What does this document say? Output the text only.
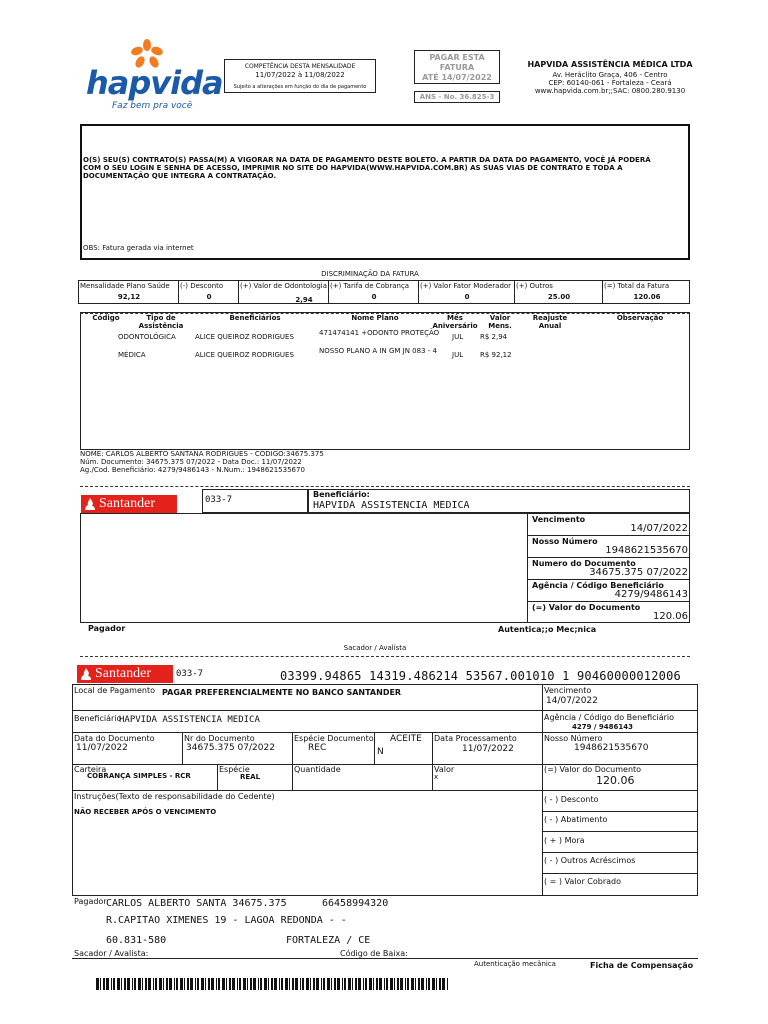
hapvida
Faz bem pra você
COMPETÊNCIA DESTA MENSALIDADE
11/07/2022 à 11/08/2022
Sujeito a alterações em função do dia de pagamento
PAGAR ESTA
FATURA
ATÉ 14/07/2022
ANS - No. 36.825-3
HAPVIDA ASSISTÊNCIA MÉDICA LTDA
Av. Heráclito Graça, 406 - Centro
CEP: 60140-061 - Fortaleza - Ceará
www.hapvida.com.br;;SAC: 0800.280.9130
O(S) SEU(S) CONTRATO(S) PASSA(M) A VIGORAR NA DATA DE PAGAMENTO DESTE BOLETO. A PARTIR DA DATA DO PAGAMENTO, VOCÊ JÁ PODERÁ COM O SEU LOGIN E SENHA DE ACESSO, IMPRIMIR NO SITE DO HAPVIDA(WWW.HAPVIDA.COM.BR) AS SUAS VIAS DE CONTRATO E TODA A DOCUMENTAÇÃO QUE INTEGRA A CONTRATAÇÃO.
OBS: Fatura gerada via internet
DISCRIMINAÇÃO DA FATURA
Mensalidade Plano Saúde
92,12
(-) Desconto
0
(+) Valor de Odontologia
2,94
(+) Tarifa de Cobrança
0
(+) Valor Fator Moderador
0
(+) Outros
25.00
(=) Total da Fatura
120.06
Código	Tipo de Assistência
Beneficiários	Nome Plano	Mês Aniversário
Valor Mens.
Reajuste Anual
Observação
ODONTOLÓGICA	ALICE QUEIROZ RODRIGUES	471474141 +ODONTO PROTEÇÃO	JUL R$ 2,94
MÉDICA	ALICE QUEIROZ RODRIGUES	NOSSO PLANO A IN GM JN 083 - 4	JUL R$ 92,12
NOME: CARLOS ALBERTO SANTANA RODRIGUES - CODIGO:34675.375
Núm. Documento: 34675.375 07/2022 - Data Doc.: 11/07/2022
Ag./Cod. Beneficiário: 4279/9486143 - N.Num.: 1948621535670
Santander	033-7
Beneficiário:
HAPVIDA ASSISTENCIA MEDICA
Vencimento
14/07/2022
Nosso Número
1948621535670
Numero do Documento
34675.375 07/2022
Agência / Código Beneficiário
4279/9486143
(=) Valor do Documento
120.06
Pagador	Autentica;;o Mec;nica
Sacador / Avalista
Santander	033-7	03399.94865 14319.486214 53567.001010 1 90460000012006
Local de Pagamento PAGAR PREFERENCIALMENTE NO BANCO SANTANDER	Vencimento
14/07/2022
Beneficiário
HAPVIDA ASSISTENCIA MEDICA	Agência / Código do Beneficiário
4279 / 9486143
Data do Documento
11/07/2022
Nr do Documento
34675.375 07/2022
Espécie Documento
REC
ACEITE
N
Data Processamento
11/07/2022
Nosso Número
1948621535670
Carteira
COBRANÇA SIMPLES - RCR
Espécie
REAL
Quantidade	Valor
x
(=) Valor do Documento
120.06
Instruções(Texto de responsabilidade do Cedente)
NÃO RECEBER APÓS O VENCIMENTO
( - ) Desconto
( - ) Abatimento
( + ) Mora
( - ) Outros Acréscimos
( = ) Valor Cobrado
Pagador CARLOS ALBERTO SANTA 34675.375	66458994320
R.CAPITAO XIMENES 19 - LAGOA REDONDA - -
60.831-580	FORTALEZA / CE
Sacador / Avalista:	Código de Baixa:
Autenticação mecânica	Ficha de Compensação
